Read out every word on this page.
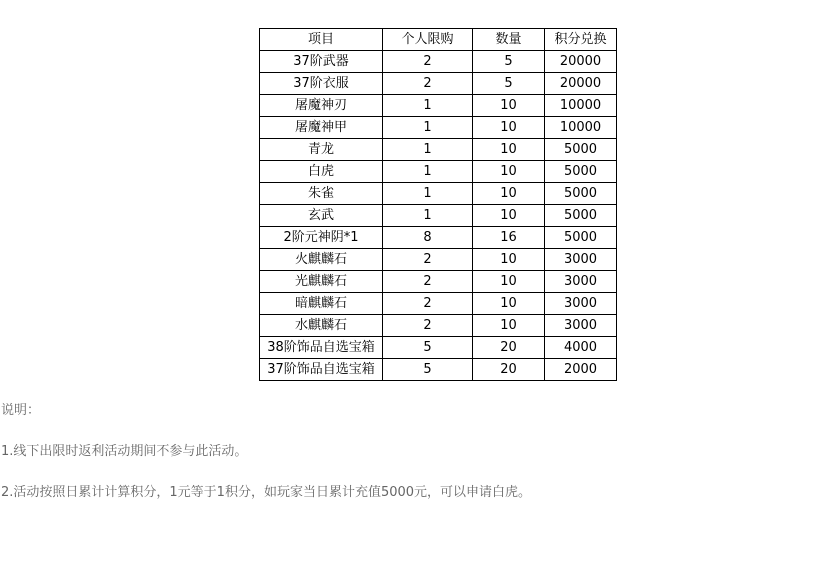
项目	个人限购	数量	积分兑换
37阶武器	2	5	20000
37阶衣服	2	5	20000
屠魔神刃	1	10	10000
屠魔神甲	1	10	10000
青龙	1	10	5000
白虎	1	10	5000
朱雀	1	10	5000
玄武	1	10	5000
2阶元神阴*1	8	16	5000
火麒麟石	2	10	3000
光麒麟石	2	10	3000
暗麒麟石	2	10	3000
水麒麟石	2	10	3000
38阶饰品自选宝箱	5	20	4000
37阶饰品自选宝箱	5	20	2000
说明：
1.线下出限时返利活动期间不参与此活动。
2.活动按照日累计计算积分，1元等于1积分，如玩家当日累计充值5000元，可以申请白虎。
